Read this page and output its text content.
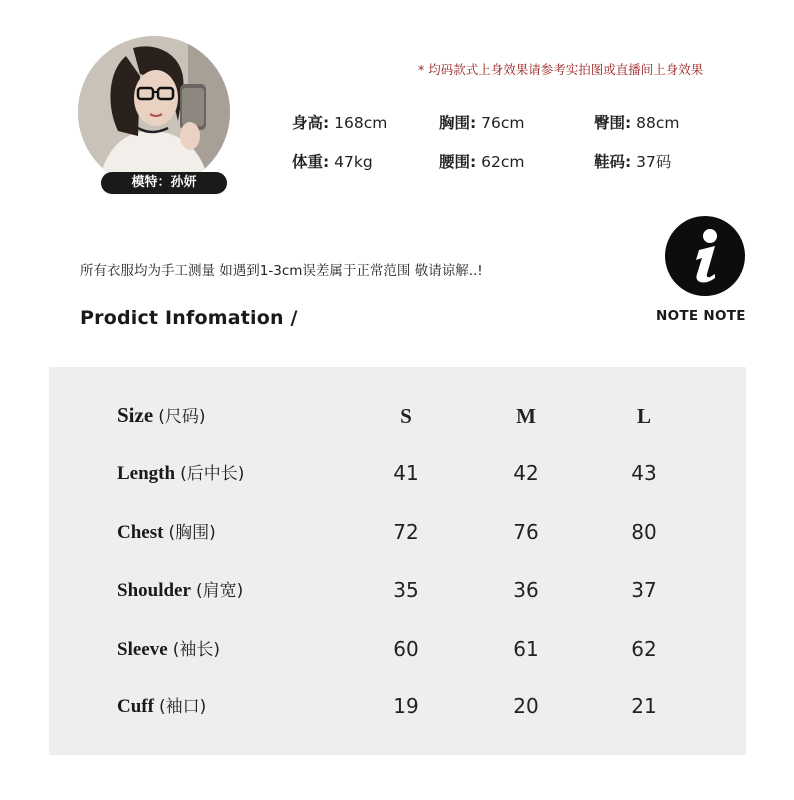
模特：孙妍
* 均码款式上身效果请参考实拍图或直播间上身效果
身高: 168cm	胸围: 76cm	臀围: 88cm
体重: 47kg	腰围: 62cm	鞋码: 37码
所有衣服均为手工测量 如遇到1-3cm误差属于正常范围 敬请谅解..!
Prodict Infomation /	NOTE NOTE
Size (尺码)	S	M	L
Length (后中长)	41	42	43
Chest (胸围)	72	76	80
Shoulder (肩宽)	35	36	37
Sleeve (袖长)	60	61	62
Cuff (袖口)	19	20	21
